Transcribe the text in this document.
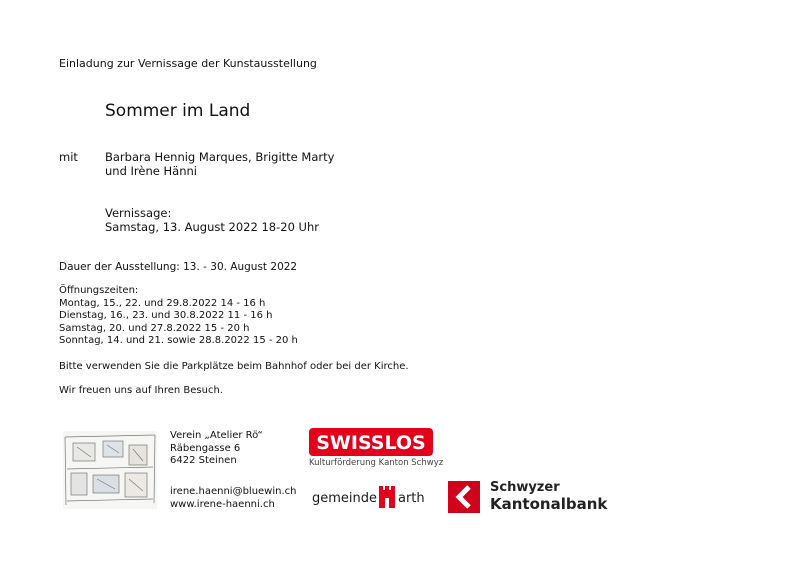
Einladung zur Vernissage der Kunstausstellung
Sommer im Land
mit Barbara Hennig Marques, Brigitte Marty
und Irène Hänni
Vernissage:
Samstag, 13. August 2022 18-20 Uhr
Dauer der Ausstellung: 13. - 30. August 2022
Öffnungszeiten:
Montag, 15., 22. und 29.8.2022 14 - 16 h
Dienstag, 16., 23. und 30.8.2022 11 - 16 h
Samstag, 20. und 27.8.2022 15 - 20 h
Sonntag, 14. und 21. sowie 28.8.2022 15 - 20 h
Bitte verwenden Sie die Parkplätze beim Bahnhof oder bei der Kirche.
Wir freuen uns auf Ihren Besuch.
Verein „Atelier Rö“
Räbengasse 6
6422 Steinen
irene.haenni@bluewin.ch
www.irene-haenni.ch
SWISSLOS
Kulturförderung Kanton Schwyz
gemeinde arth
Schwyzer
Kantonalbank
